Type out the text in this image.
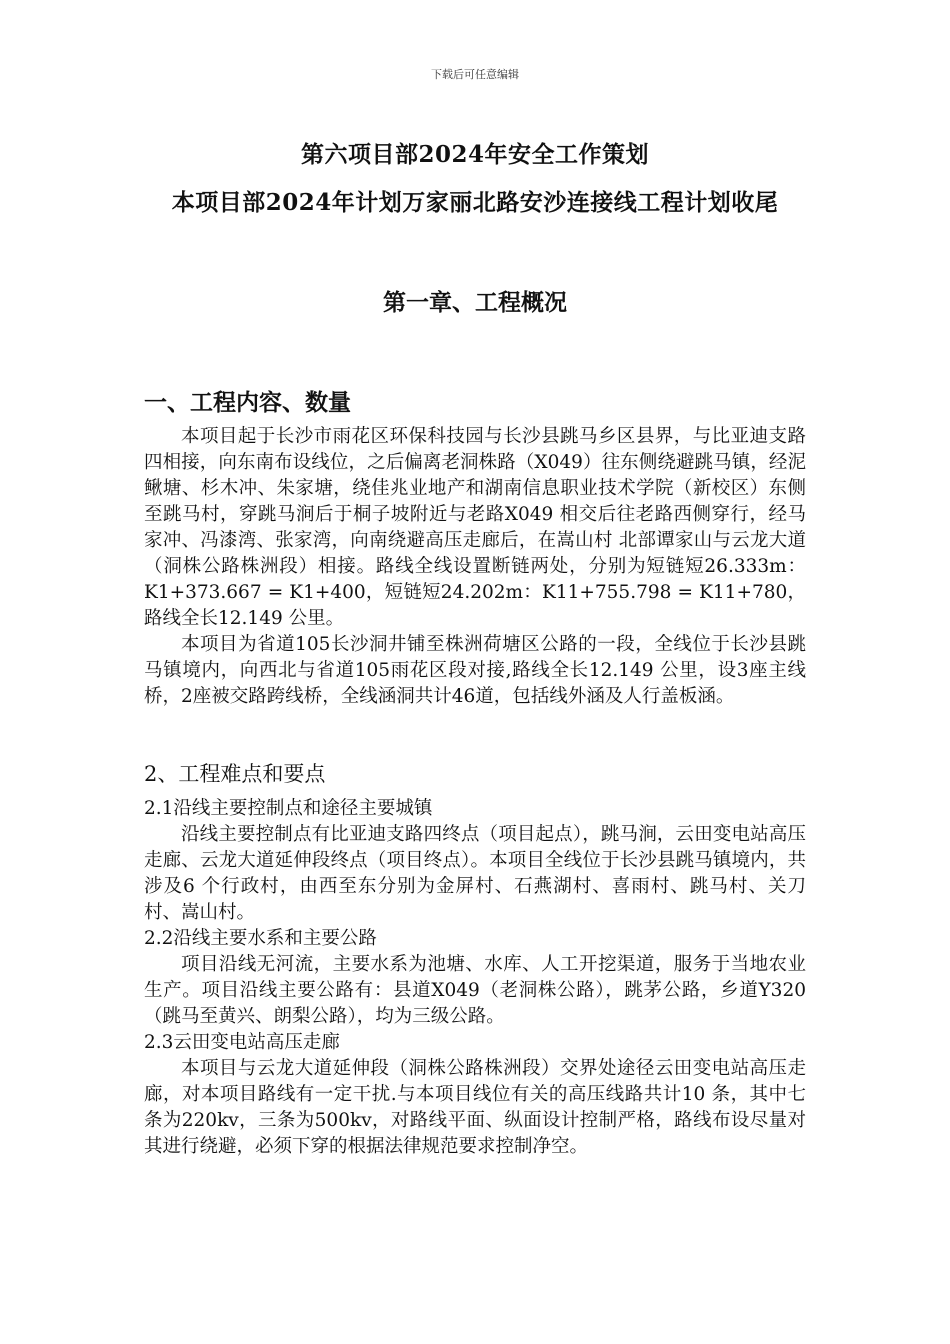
下载后可任意编辑
第六项目部2024年安全工作策划
本项目部2024年计划万家丽北路安沙连接线工程计划收尾
第一章、工程概况
一、工程内容、数量

本项目起于长沙市雨花区环保科技园与长沙县跳马乡区县界，与比亚迪支路四相接，向东南布设线位，之后偏离老洞株路（X049）往东侧绕避跳马镇，经泥鳅塘、杉木冲、朱家塘，绕佳兆业地产和湖南信息职业技术学院（新校区）东侧至跳马村，穿跳马涧后于桐子坡附近与老路X049 相交后往老路西侧穿行，经马家冲、冯漆湾、张家湾，向南绕避高压走廊后，在嵩山村 北部谭家山与云龙大道（洞株公路株洲段）相接。路线全线设置断链两处，分别为短链短26.333m：K1+373.667 = K1+400，短链短24.202m：K11+755.798 = K11+780，路线全长12.149 公里。

本项目为省道105长沙洞井铺至株洲荷塘区公路的一段，全线位于长沙县跳马镇境内，向西北与省道105雨花区段对接,路线全长12.149 公里，设3座主线桥，2座被交路跨线桥，全线涵洞共计46道，包括线外涵及人行盖板涵。

2、工程难点和要点

2.1沿线主要控制点和途径主要城镇

沿线主要控制点有比亚迪支路四终点（项目起点），跳马涧，云田变电站高压走廊、云龙大道延伸段终点（项目终点）。本项目全线位于长沙县跳马镇境内，共涉及6 个行政村，由西至东分别为金屏村、石燕湖村、喜雨村、跳马村、关刀村、嵩山村。

2.2沿线主要水系和主要公路

项目沿线无河流，主要水系为池塘、水库、人工开挖渠道，服务于当地农业生产。项目沿线主要公路有：县道X049（老洞株公路），跳茅公路，乡道Y320（跳马至黄兴、朗梨公路），均为三级公路。

2.3云田变电站高压走廊

本项目与云龙大道延伸段（洞株公路株洲段）交界处途径云田变电站高压走廊，对本项目路线有一定干扰.与本项目线位有关的高压线路共计10 条，其中七条为220kv，三条为500kv，对路线平面、纵面设计控制严格，路线布设尽量对其进行绕避，必须下穿的根据法律规范要求控制净空。
